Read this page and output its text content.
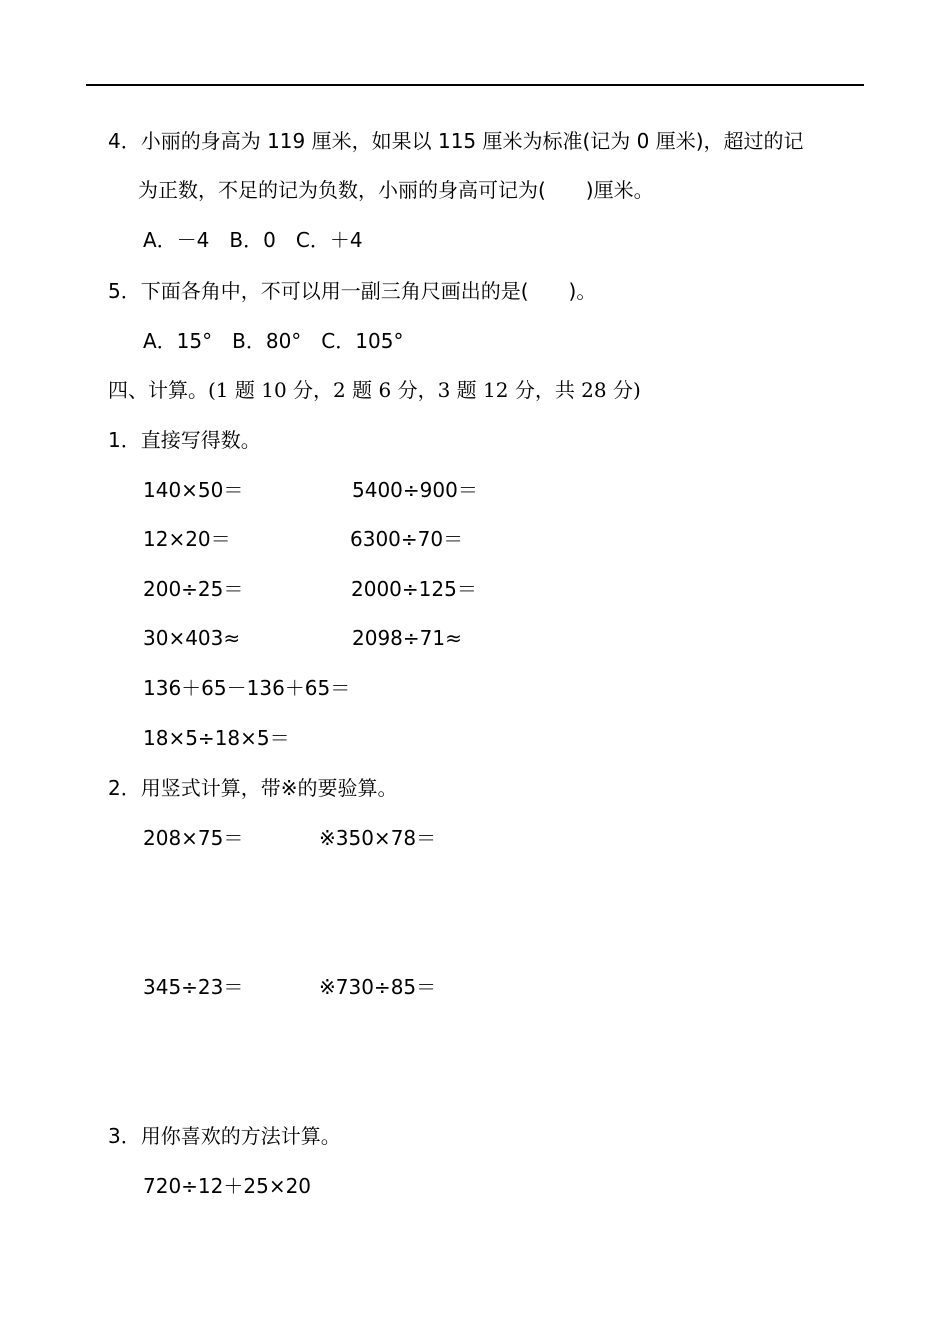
4．小丽的身高为 119 厘米，如果以 115 厘米为标准(记为 0 厘米)，超过的记
为正数，不足的记为负数，小丽的身高可记为(　　)厘米。
A．－4　B．0　C．＋4
5．下面各角中，不可以用一副三角尺画出的是(　　)。
A．15°　B．80°　C．105°
四、计算。(1 题 10 分，2 题 6 分，3 题 12 分，共 28 分)
1．直接写得数。
140×50＝	5400÷900＝
12×20＝	6300÷70＝
200÷25＝	2000÷125＝
30×403≈	2098÷71≈
136＋65－136＋65＝
18×5÷18×5＝
2．用竖式计算，带※的要验算。
208×75＝	※350×78＝
345÷23＝	※730÷85＝
3．用你喜欢的方法计算。
720÷12＋25×20
